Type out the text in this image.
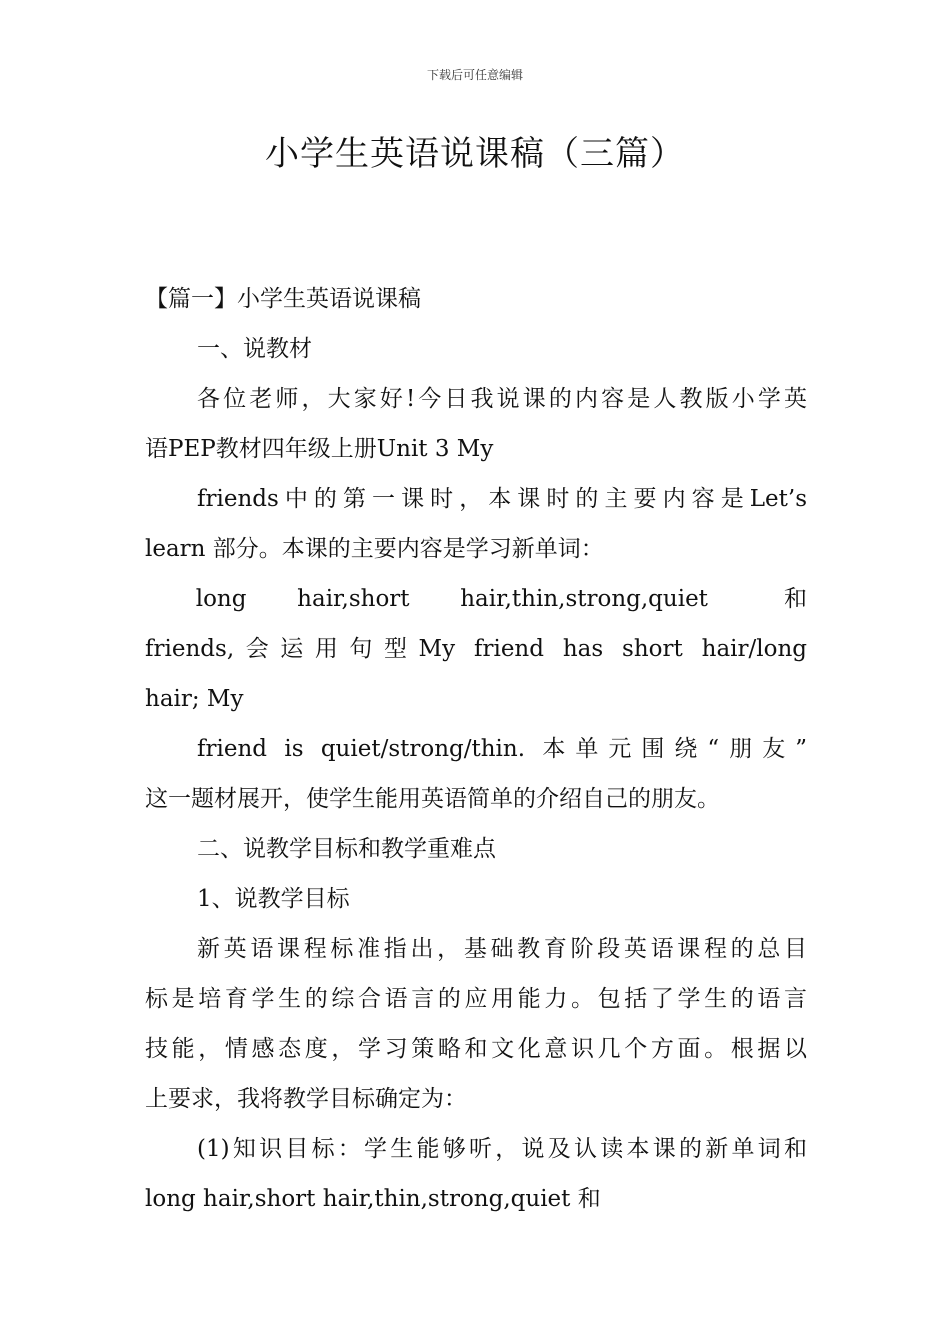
下载后可任意编辑
小学生英语说课稿（三篇）
【篇一】小学生英语说课稿
一、说教材
各位老师，大家好!今日我说课的内容是人教版小学英
语PEP教材四年级上册Unit 3 My
friends中的第一课时，本课时的主要内容是Let’s
learn 部分。本课的主要内容是学习新单词：
long  hair,short  hair,thin,strong,quiet   和
friends,会运用句型My friend has short hair/long
hair; My
friend is quiet/strong/thin. 本单元围绕“朋友”
这一题材展开，使学生能用英语简单的介绍自己的朋友。
二、说教学目标和教学重难点
1、说教学目标
新英语课程标准指出，基础教育阶段英语课程的总目
标是培育学生的综合语言的应用能力。包括了学生的语言
技能，情感态度，学习策略和文化意识几个方面。根据以
上要求，我将教学目标确定为：
(1)知识目标：学生能够听，说及认读本课的新单词和
long hair,short hair,thin,strong,quiet 和
